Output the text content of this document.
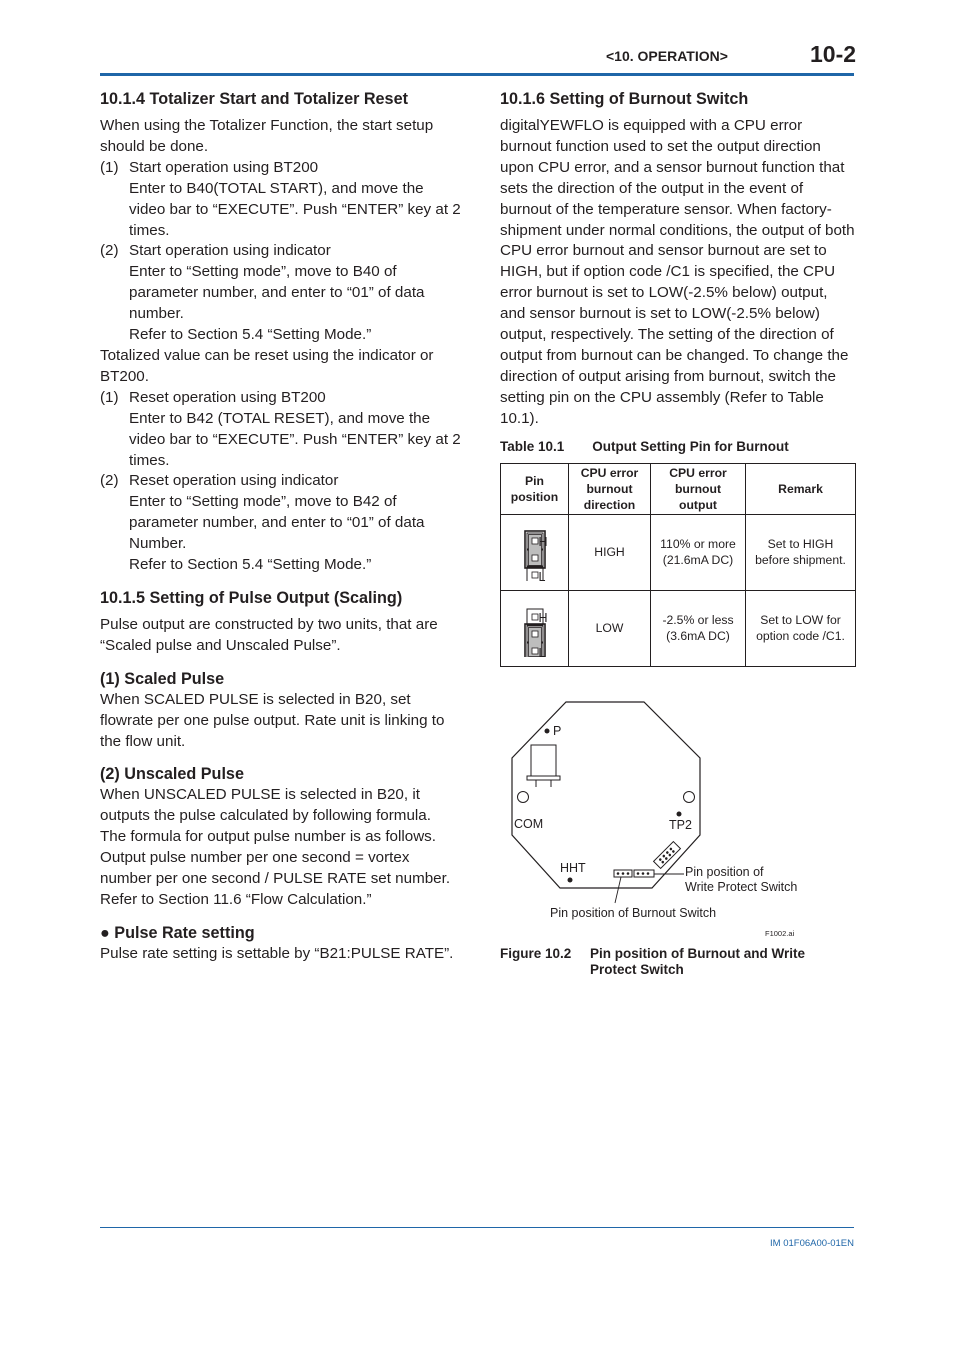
<10. OPERATION>	10-2
10.1.4 Totalizer Start and Totalizer Reset

When using the Totalizer Function, the start setup should be done.

(1) Start operation using BT200
Enter to B40(TOTAL START), and move the video bar to “EXECUTE”. Push “ENTER” key at 2 times.
(2) Start operation using indicator
Enter to “Setting mode”, move to B40 of parameter number, and enter to “01” of data number.
Refer to Section 5.4 “Setting Mode.”

Totalized value can be reset using the indicator or BT200.

(1) Reset operation using BT200
Enter to B42 (TOTAL RESET), and move the video bar to “EXECUTE”. Push “ENTER” key at 2 times.
(2) Reset operation using indicator
Enter to “Setting mode”, move to B42 of parameter number, and enter to “01” of data Number.
Refer to Section 5.4 “Setting Mode.”
10.1.5 Setting of Pulse Output (Scaling)

Pulse output are constructed by two units, that are “Scaled pulse and Unscaled Pulse”.

(1) Scaled Pulse

When SCALED PULSE is selected in B20, set flowrate per one pulse output. Rate unit is linking to the flow unit.

(2) Unscaled Pulse

When UNSCALED PULSE is selected in B20, it outputs the pulse calculated by following formula.

The formula for output pulse number is as follows.

Output pulse number per one second = vortex number per one second / PULSE RATE set number.

Refer to Section 11.6 “Flow Calculation.”

● Pulse Rate setting

Pulse rate setting is settable by “B21:PULSE RATE”.

10.1.6 Setting of Burnout Switch

digitalYEWFLO is equipped with a CPU error burnout function used to set the output direction upon CPU error, and a sensor burnout function that sets the direction of the output in the event of burnout of the temperature sensor. When factory-shipment under normal conditions, the output of both CPU error burnout and sensor burnout are set to HIGH, but if option code /C1 is specified, the CPU error burnout is set to LOW(-2.5% below) output, and sensor burnout is set to LOW(-2.5% below) output, respectively. The setting of the direction of output from burnout can be changed. To change the direction of output arising from burnout, switch the setting pin on the CPU assembly (Refer to Table 10.1).

Table 10.1 Output Setting Pin for Burnout
Pin position	CPU error burnout direction	CPU error burnout output	Remark

H
L	HIGH	110% or more (21.6mA DC)	Set to HIGH before shipment.

H
L	LOW	-2.5% or less (3.6mA DC)	Set to LOW for option code /C1.
P
COM	TP2
HHT	Pin position of
Write Protect Switch
Pin position of Burnout Switch
F1002.ai
Figure 10.2 Pin position of Burnout and Write Protect Switch
IM 01F06A00-01EN
